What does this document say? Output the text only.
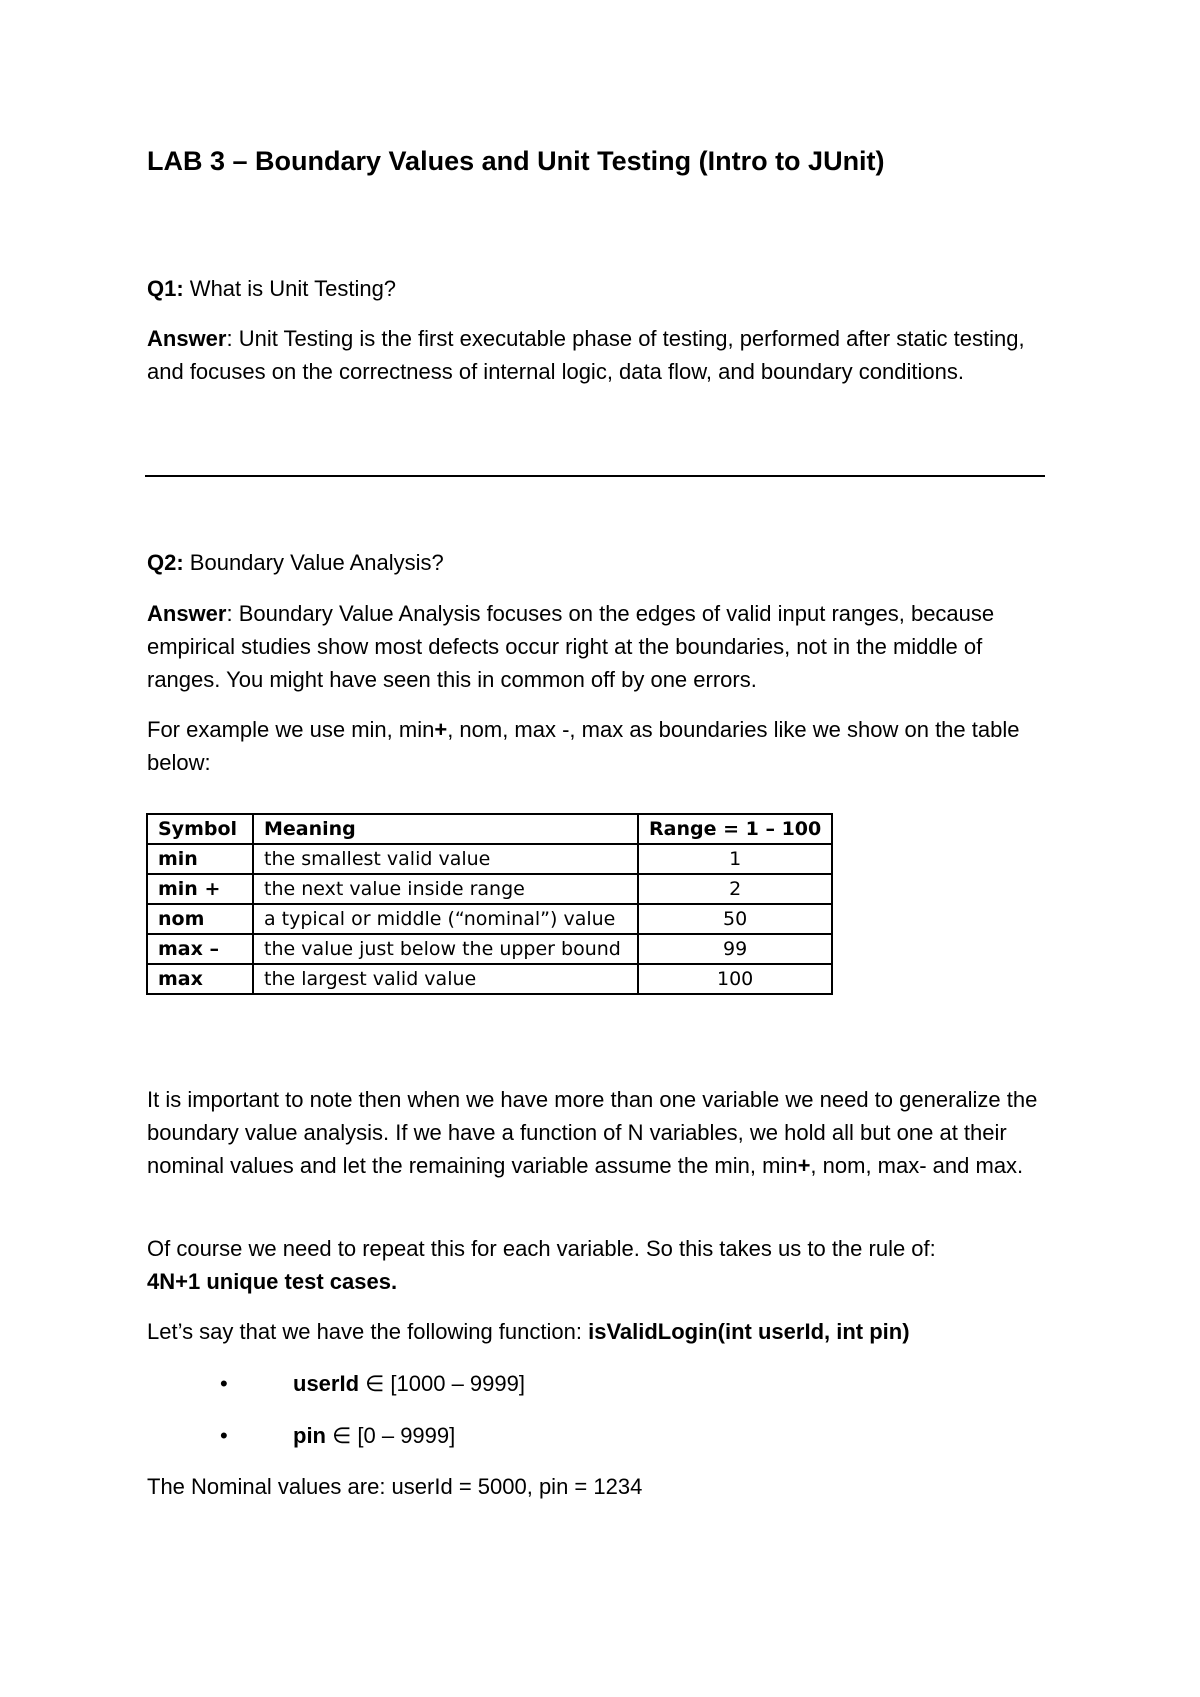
LAB 3 – Boundary Values and Unit Testing (Intro to JUnit)

Q1: What is Unit Testing?

Answer: Unit Testing is the first executable phase of testing, performed after static testing, and focuses on the correctness of internal logic, data flow, and boundary conditions.

Q2: Boundary Value Analysis?

Answer: Boundary Value Analysis focuses on the edges of valid input ranges, because empirical studies show most defects occur right at the boundaries, not in the middle of ranges. You might have seen this in common off by one errors.

For example we use min, min+, nom, max -, max as boundaries like we show on the table below:

Symbol	Meaning	Range = 1 – 100
min	the smallest valid value	1
min +	the next value inside range	2
nom	a typical or middle (“nominal”) value	50
max –	the value just below the upper bound	99
max	the largest valid value	100

It is important to note then when we have more than one variable we need to generalize the boundary value analysis. If we have a function of N variables, we hold all but one at their nominal values and let the remaining variable assume the min, min+, nom, max- and max.

Of course we need to repeat this for each variable. So this takes us to the rule of:
4N+1 unique test cases.

Let’s say that we have the following function: isValidLogin(int userId, int pin)

•	userId ∈ [1000 – 9999]
•	pin ∈ [0 – 9999]

The Nominal values are: userId = 5000, pin = 1234
